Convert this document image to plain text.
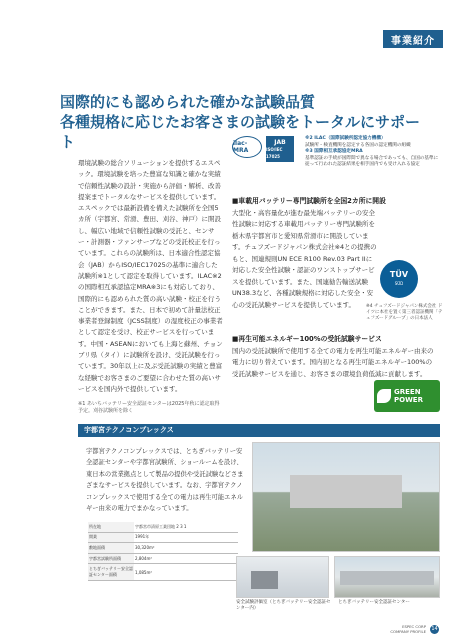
事業紹介
国際的にも認められた確かな試験品質
各種規格に応じたお客さまの試験をトータルにサポート

環境試験の総合ソリューションを提供するエスペック。環境試験を培った豊富な知識と確かな実績で信頼性試験の設計・実施から評価・解析、改善提案までトータルなサービスを提供しています。エスペックでは最新設備を備えた試験所を全国5カ所（宇都宮、常滑、豊田、刈谷、神戸）に開設し、幅広い地域で信頼性試験の受託と、センサー・計測器・ファンサーブなどの受託校正を行っています。これらの試験所は、日本適合性認定協会（JAB）からISO/IEC17025の基準に適合した試験所※1として認定を取得しています。ILAC※2の国際相互承認協定MRA※3にも対応しており、国際的にも認められた質の高い試験・校正を行うことができます。また、日本で初めて計量法校正事業者登録制度（JCSS制度）の湿度校正の事業者として認定を受け、校正サービスを行っています。中国・ASEANにおいても上海と蘇州、チョンブリ県（タイ）に試験所を設け、受託試験を行っています。30年以上に及ぶ受託試験の実績と豊富な経験でお客さまのご要望に合わせた質の高いサービスを国内外で提供しています。

※1 あいちバッテリー安全認証センターは2025年秋に認定取得予定。刈谷試験所を除く
ilac-MRA
JAB
ISO/IEC 17025
※2 ILAC（国際試験所認定協力機構）
試験所・検査機関を認定する各国の認定機関の組織
※3 国際相互承認協定MRA
基準認証の手続が国際間で異なる場合であっても、自国の基準に従って行われた認証結果を相手国内でも受け入れる協定
■車載用バッテリー専門試験所を全国2カ所に開設
大型化・高容量化が進む最先端バッテリーの安全性試験に対応する車載用バッテリー専門試験所を栃木県宇都宮市と愛知県常滑市に開設しています。チュフズードジャパン株式会社※4との提携のもと、国連規則UN ECE R100 Rev.03 Part IIに対応した安全性試験・認証のワンストップサービスを提供しています。また、国連勧告輸送試験UN38.3など、各種試験規格に対応した安全・安心の受託試験サービスを提供しています。
TÜV
SÜD
※4 チュフズードジャパン株式会社 ドイツに本社を置く第三者認証機関「テュフズードグループ」の日本法人
■再生可能エネルギー100%の受託試験サービス
国内の受託試験所で使用する全ての電力を再生可能エネルギー由来の電力に切り替えています。国内初となる再生可能エネルギー100%の受託試験サービスを通じ、お客さまの環境負荷低減に貢献します。
GREEN
POWER
宇都宮テクノコンプレックス
宇都宮テクノコンプレックスでは、とちぎバッテリー安全認証センターや宇都宮試験所、ショールームを設け、東日本の営業拠点として製品の提供や受託試験などさまざまなサービスを提供しています。なお、宇都宮テクノコンプレックスで使用する全ての電力は再生可能エネルギー由来の電力でまかなっています。
所在地	宇都宮市清原工業団地 2 3 1
開業	1991年
敷地面積	30,320m²
宇都宮試験所面積	2,804m²
とちぎバッテリー安全認証センター面積	1,085m²
安全試験評価室（とちぎバッテリー安全認証センター内）
とちぎバッテリー安全認証センター
ESPEC CORP
COMPANY PROFILE 14
